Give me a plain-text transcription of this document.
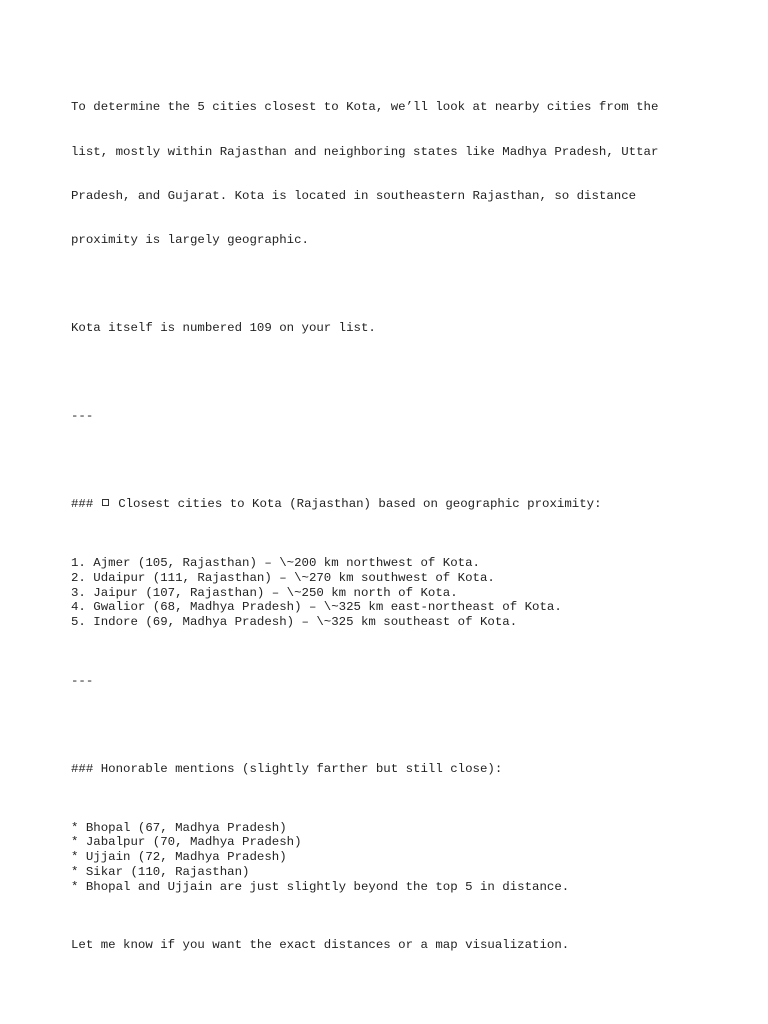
To determine the 5 cities closest to Kota, we’ll look at nearby cities from the

list, mostly within Rajasthan and neighboring states like Madhya Pradesh, Uttar

Pradesh, and Gujarat. Kota is located in southeastern Rajasthan, so distance

proximity is largely geographic.

Kota itself is numbered 109 on your list.

---

### Closest cities to Kota (Rajasthan) based on geographic proximity:

1. Ajmer (105, Rajasthan) – \~200 km northwest of Kota.
2. Udaipur (111, Rajasthan) – \~270 km southwest of Kota.
3. Jaipur (107, Rajasthan) – \~250 km north of Kota.
4. Gwalior (68, Madhya Pradesh) – \~325 km east-northeast of Kota.
5. Indore (69, Madhya Pradesh) – \~325 km southeast of Kota.

---

### Honorable mentions (slightly farther but still close):

* Bhopal (67, Madhya Pradesh)
* Jabalpur (70, Madhya Pradesh)
* Ujjain (72, Madhya Pradesh)
* Sikar (110, Rajasthan)
* Bhopal and Ujjain are just slightly beyond the top 5 in distance.

Let me know if you want the exact distances or a map visualization.
